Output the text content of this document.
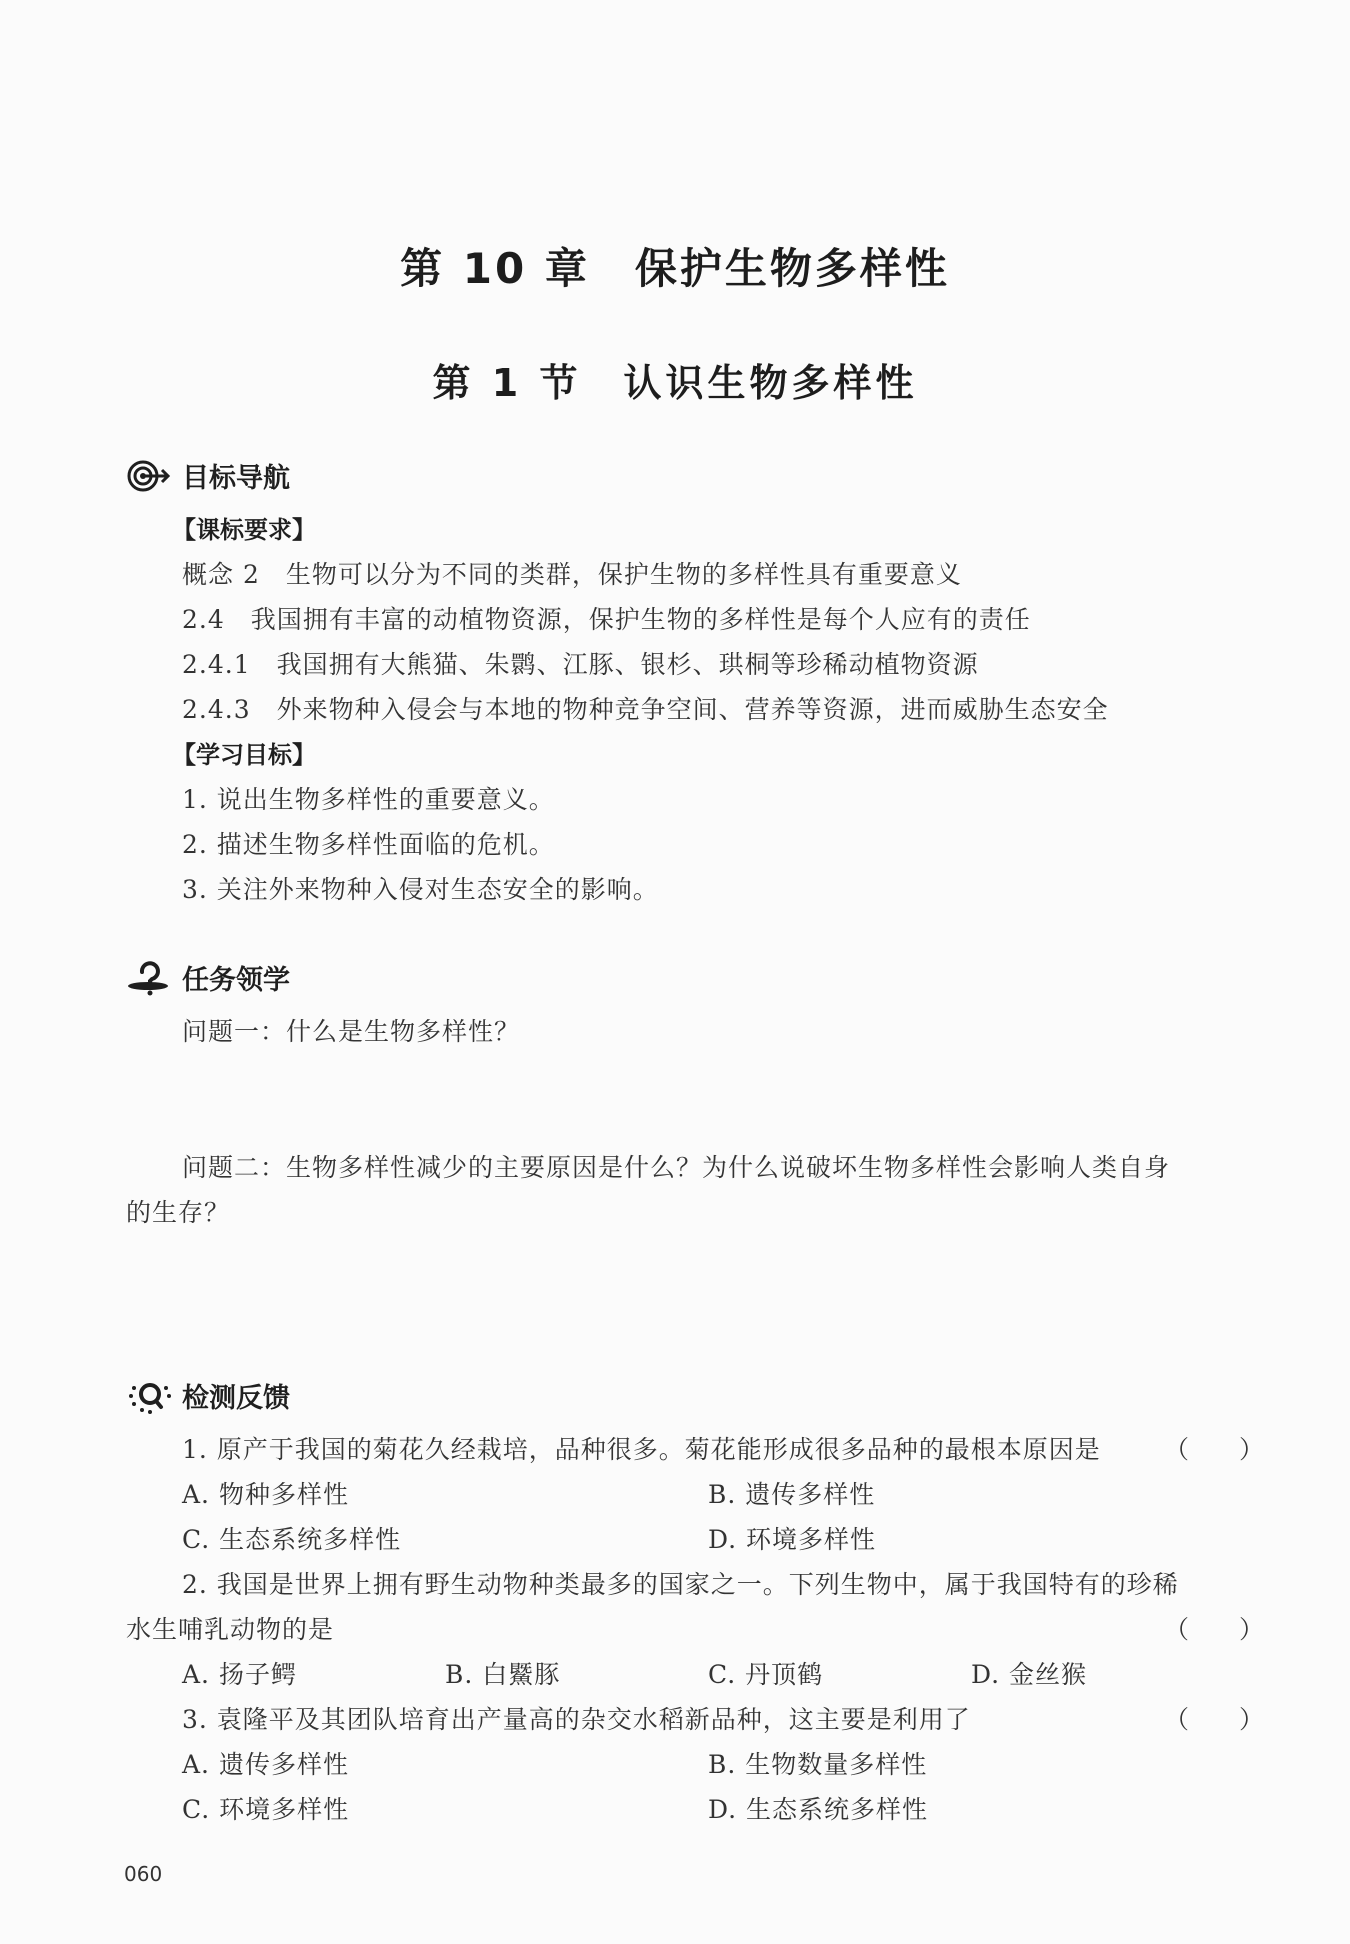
第 10 章　保护生物多样性
第 1 节　认识生物多样性
目标导航
【课标要求】
概念 2　生物可以分为不同的类群，保护生物的多样性具有重要意义
2.4　我国拥有丰富的动植物资源，保护生物的多样性是每个人应有的责任
2.4.1　我国拥有大熊猫、朱鹮、江豚、银杉、珙桐等珍稀动植物资源
2.4.3　外来物种入侵会与本地的物种竞争空间、营养等资源，进而威胁生态安全
【学习目标】
1. 说出生物多样性的重要意义。
2. 描述生物多样性面临的危机。
3. 关注外来物种入侵对生态安全的影响。
任务领学
问题一：什么是生物多样性？
问题二：生物多样性减少的主要原因是什么？为什么说破坏生物多样性会影响人类自身
的生存？
检测反馈
1. 原产于我国的菊花久经栽培，品种很多。菊花能形成很多品种的最根本原因是	（　　）
A. 物种多样性	B. 遗传多样性
C. 生态系统多样性	D. 环境多样性
2. 我国是世界上拥有野生动物种类最多的国家之一。下列生物中，属于我国特有的珍稀
水生哺乳动物的是	（　　）
A. 扬子鳄	B. 白鱀豚	C. 丹顶鹤	D. 金丝猴
3. 袁隆平及其团队培育出产量高的杂交水稻新品种，这主要是利用了	（　　）
A. 遗传多样性	B. 生物数量多样性
C. 环境多样性	D. 生态系统多样性
060
